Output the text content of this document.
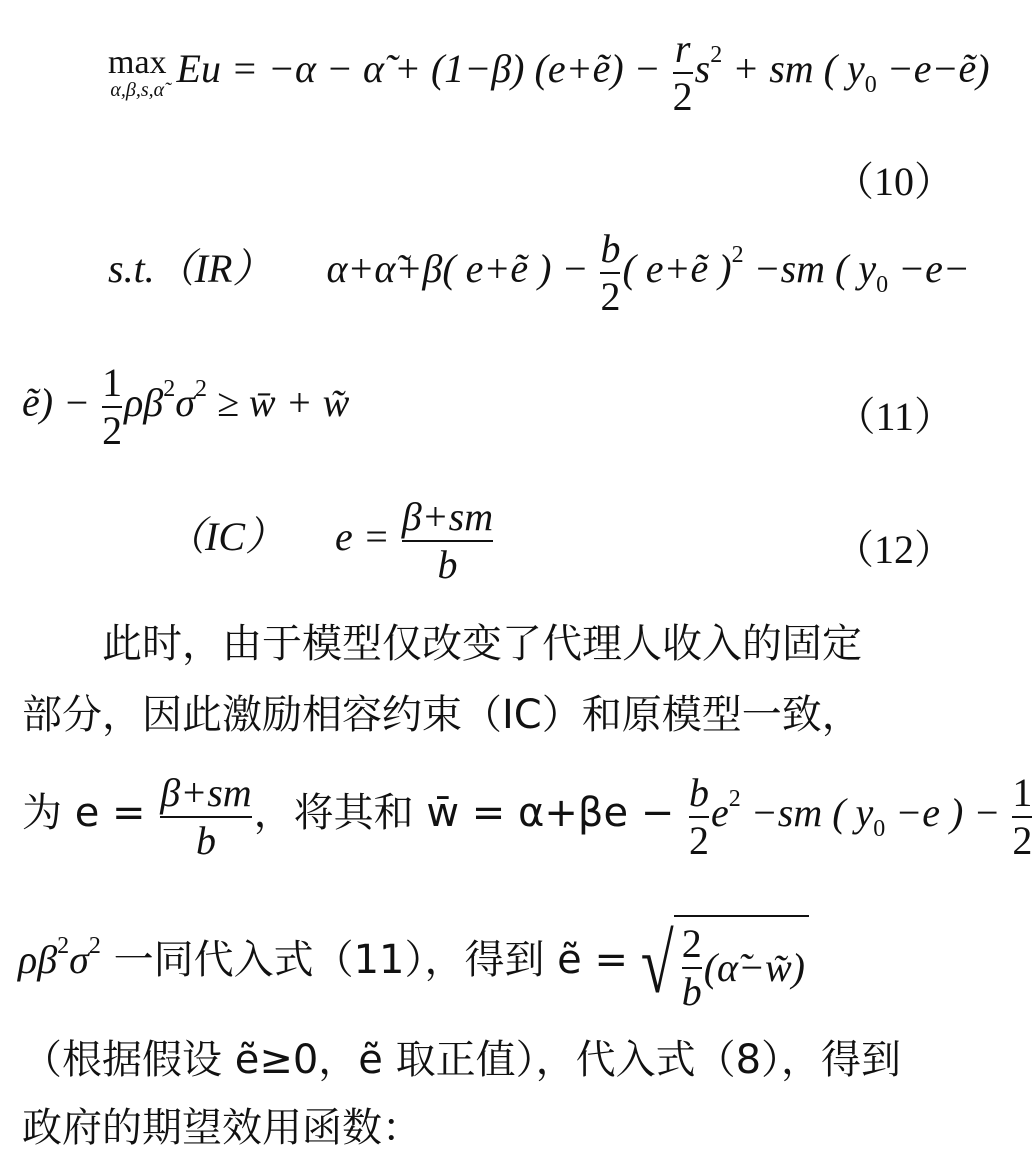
max
α,β,s,α̃ Eu = −α − α̃ + (1−β) (e+ẽ) − $\frac{r}{2} s^2$ + sm ( $y_0$ −e−ẽ)
（10）
s.t.（IR） α+α̃+β( e+ẽ ) − $\frac{b}{2}$ ( e+ẽ )$^2$ −sm ( $y_0 -e-$
ẽ) − $\frac{1}{2} \rho\beta^2\sigma^2$ ≥ w̄ + w̃	（11）
（IC） $e = \frac{\beta+sm}{b}$	（12）
此时，由于模型仅改变了代理人收入的固定
部分，因此激励相容约束（IC）和原模型一致，
为 $e = \frac{\beta+sm}{b}$ ，将其和 w̄ = $\alpha+\beta e - \frac{b}{2} e^2 -sm$ ( $y_0 -e$ ) − $\frac{1}{2}$
$\rho\beta^2\sigma^2$ 一同代入式（11），得到 ẽ = √ $\frac{2}{b}$ (α̃−w̃)
（根据假设 ẽ≥0，ẽ 取正值），代入式（8），得到
政府的期望效用函数：
